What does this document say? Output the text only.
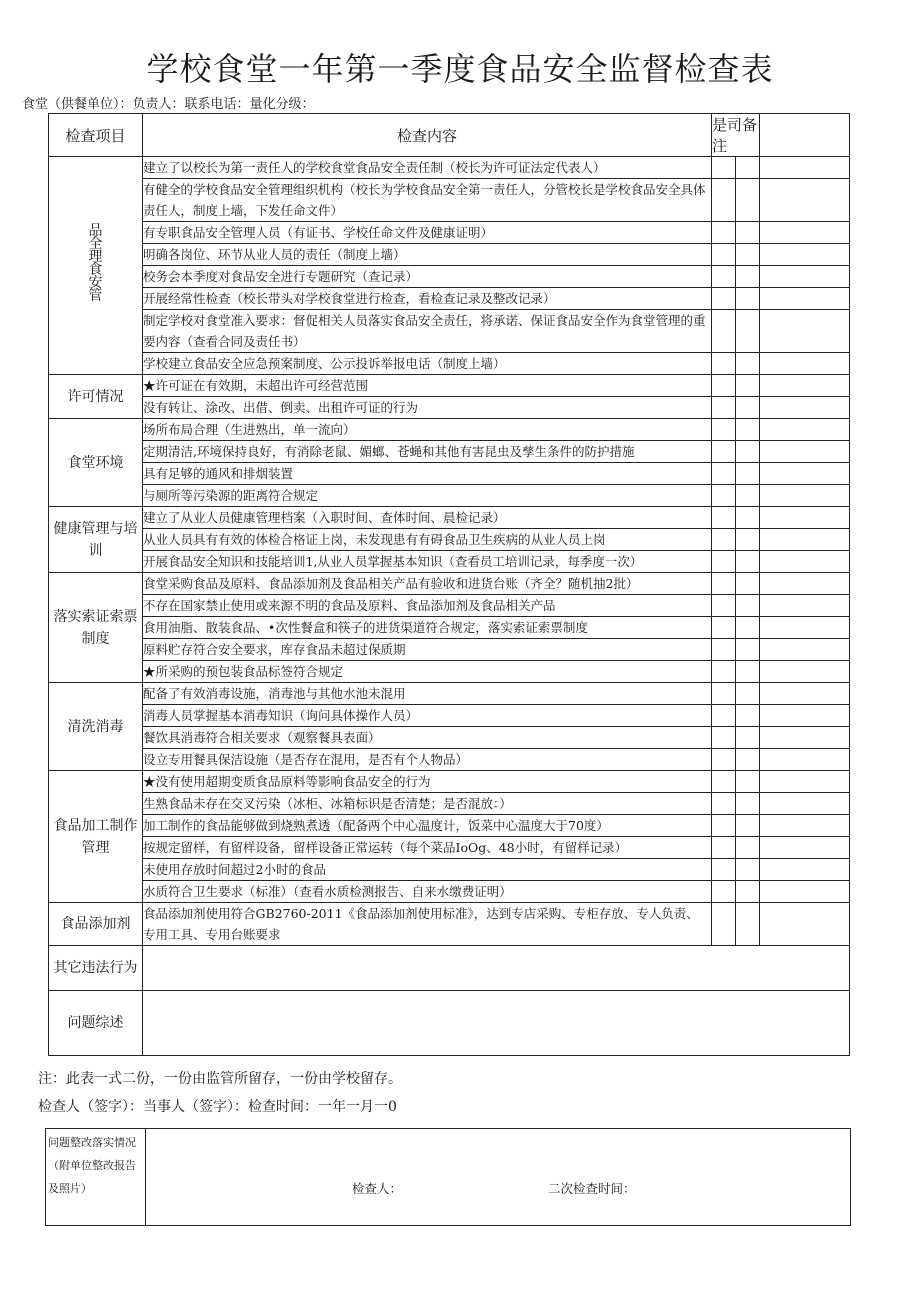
学校食堂一年第一季度食品安全监督检查表
食堂（供餐单位）：负责人：联系电话：量化分级：
检查项目	检查内容	是司备注		
品全理食安管	建立了以校长为第一责任人的学校食堂食品安全责任制（校长为许可证法定代表人）			
	有健全的学校食品安全管理组织机构（校长为学校食品安全第一责任人，分管校长是学校食品安全具体责任人，制度上墙，下发任命文件）			
	有专职食品安全管理人员（有证书、学校任命文件及健康证明）			
	明确各岗位、环节从业人员的责任（制度上墙）			
	校务会本季度对食品安全进行专题研究（查记录）			
	开展经常性检查（校长带头对学校食堂进行检查，看检查记录及整改记录）			
	制定学校对食堂准入要求：督促相关人员落实食品安全责任，将承诺、保证食品安全作为食堂管理的重要内容（查看合同及责任书）			
	学校建立食品安全应急预案制度、公示投诉举报电话（制度上墙）			
许可情况	★许可证在有效期，未超出许可经营范围			
	没有转让、涂改、出借、倒卖、出租许可证的行为			
食堂环境	场所布局合理（生进熟出，单一流向）			
	定期清洁,环境保持良好，有消除老鼠、媚螂、苍蝇和其他有害昆虫及孳生条件的防护措施			
	具有足够的通风和排烟装置			
	与厕所等污染源的距离符合规定			
健康管理与培训	建立了从业人员健康管理档案（入职时间、查体时间、晨检记录）			
	从业人员具有有效的体检合格证上岗，未发现患有有碍食品卫生疾病的从业人员上岗			
	开展食品安全知识和技能培训1,从业人员掌握基本知识（查看员工培训记录，每季度一次）			
落实索证索票制度	食堂采购食品及原料、食品添加剂及食品相关产品有验收和进货台账（齐全？随机抽2批）			
	不存在国家禁止使用或来源不明的食品及原料、食品添加剂及食品相关产品			
	食用油脂、散装食品、•次性餐盒和筷子的进货渠道符合规定，落实索证索票制度			
	原料贮存符合安全要求，库存食品未超过保质期			
	★所采购的预包装食品标签符合规定			
清洗消毒	配备了有效消毒设施，消毒池与其他水池未混用			
	消毒人员掌握基本消毒知识（询问具体操作人员）			
	餐饮具消毒符合相关要求（观察餐具表面）			
	设立专用餐具保洁设施（是否存在混用，是否有个人物品）			
食品加工制作管理	★没有使用超期变质食品原料等影响食品安全的行为			
	生熟食品未存在交叉污染（冰柜、冰箱标识是否清楚；是否混放：）			
	加工制作的食品能够做到烧熟煮透（配备两个中心温度计，饭菜中心温度大于70度）			
	按规定留样，有留样设备，留样设备正常运转（每个菜品IoOg、48小时，有留样记录）			
	未使用存放时间超过2小时的食品			
	水质符合卫生要求（标准）（查看水质检测报告、自来水缴费证明）			
食品添加剂	食品添加剂使用符合GB2760-2011《食品添加剂使用标准》，达到专店采购、专柜存放、专人负责、专用工具、专用台账要求			
其它违法行为				
问题综述				
注：此表一式二份，一份由监管所留存，一份由学校留存。
检查人（签字）：当事人（签字）：检查时间：一年一月一0
问题整改落实情况（附单位整改报告及照片）	检查人：	二次检查时间：
